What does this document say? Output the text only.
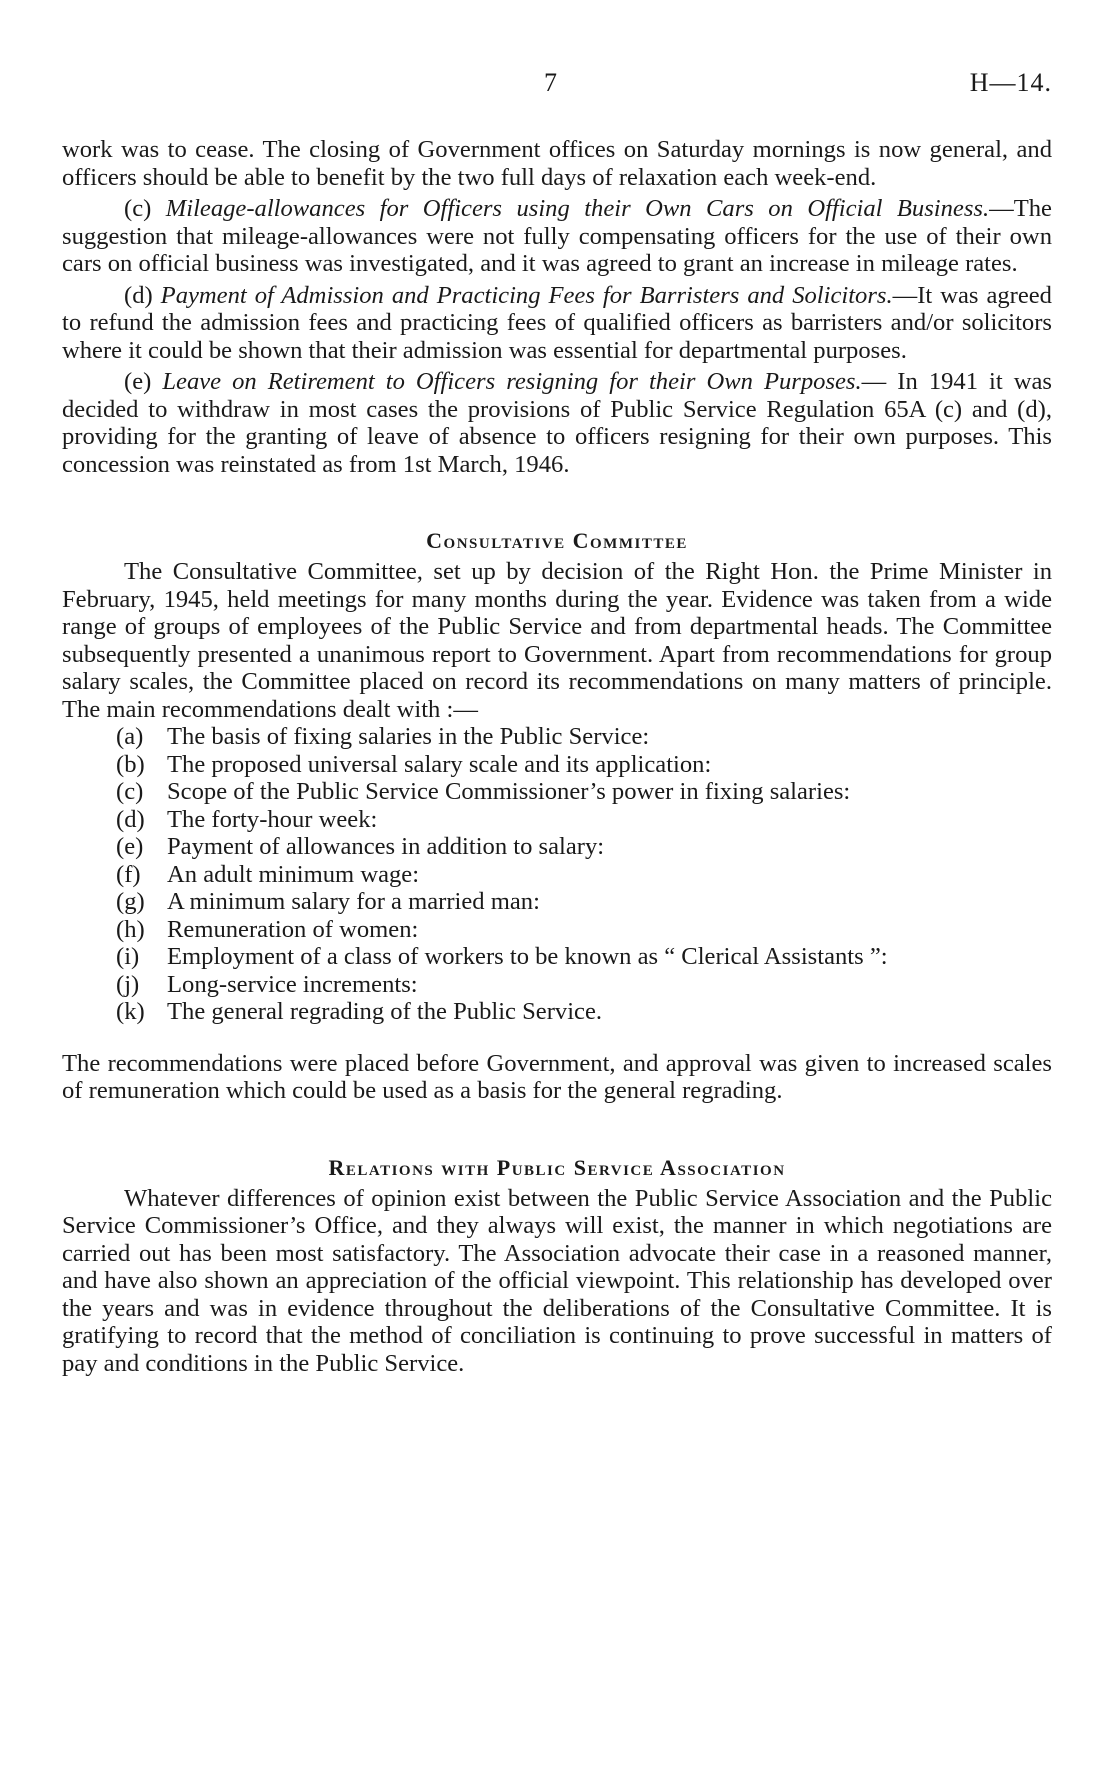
7	H—14.

work was to cease. The closing of Government offices on Saturday mornings is now general, and officers should be able to benefit by the two full days of relaxation each week-end.

(c) Mileage-allowances for Officers using their Own Cars on Official Business.—The suggestion that mileage-allowances were not fully compensating officers for the use of their own cars on official business was investigated, and it was agreed to grant an increase in mileage rates.

(d) Payment of Admission and Practicing Fees for Barristers and Solicitors.—It was agreed to refund the admission fees and practicing fees of qualified officers as barristers and/or solicitors where it could be shown that their admission was essential for departmental purposes.

(e) Leave on Retirement to Officers resigning for their Own Purposes.— In 1941 it was decided to withdraw in most cases the provisions of Public Service Regulation 65A (c) and (d), providing for the granting of leave of absence to officers resigning for their own purposes. This concession was reinstated as from 1st March, 1946.

Consultative Committee

The Consultative Committee, set up by decision of the Right Hon. the Prime Minister in February, 1945, held meetings for many months during the year. Evidence was taken from a wide range of groups of employees of the Public Service and from departmental heads. The Committee subsequently presented a unanimous report to Government. Apart from recommendations for group salary scales, the Committee placed on record its recommendations on many matters of principle. The main recommendations dealt with :—

(a) The basis of fixing salaries in the Public Service:
(b) The proposed universal salary scale and its application:
(c) Scope of the Public Service Commissioner’s power in fixing salaries:
(d) The forty-hour week:
(e) Payment of allowances in addition to salary:
(f) An adult minimum wage:
(g) A minimum salary for a married man:
(h) Remuneration of women:
(i) Employment of a class of workers to be known as “ Clerical Assistants ”:
(j) Long-service increments:
(k) The general regrading of the Public Service.

The recommendations were placed before Government, and approval was given to increased scales of remuneration which could be used as a basis for the general regrading.

Relations with Public Service Association

Whatever differences of opinion exist between the Public Service Association and the Public Service Commissioner’s Office, and they always will exist, the manner in which negotiations are carried out has been most satisfactory. The Association advocate their case in a reasoned manner, and have also shown an appreciation of the official viewpoint. This relationship has developed over the years and was in evidence throughout the deliberations of the Consultative Committee. It is gratifying to record that the method of conciliation is continuing to prove successful in matters of pay and conditions in the Public Service.
